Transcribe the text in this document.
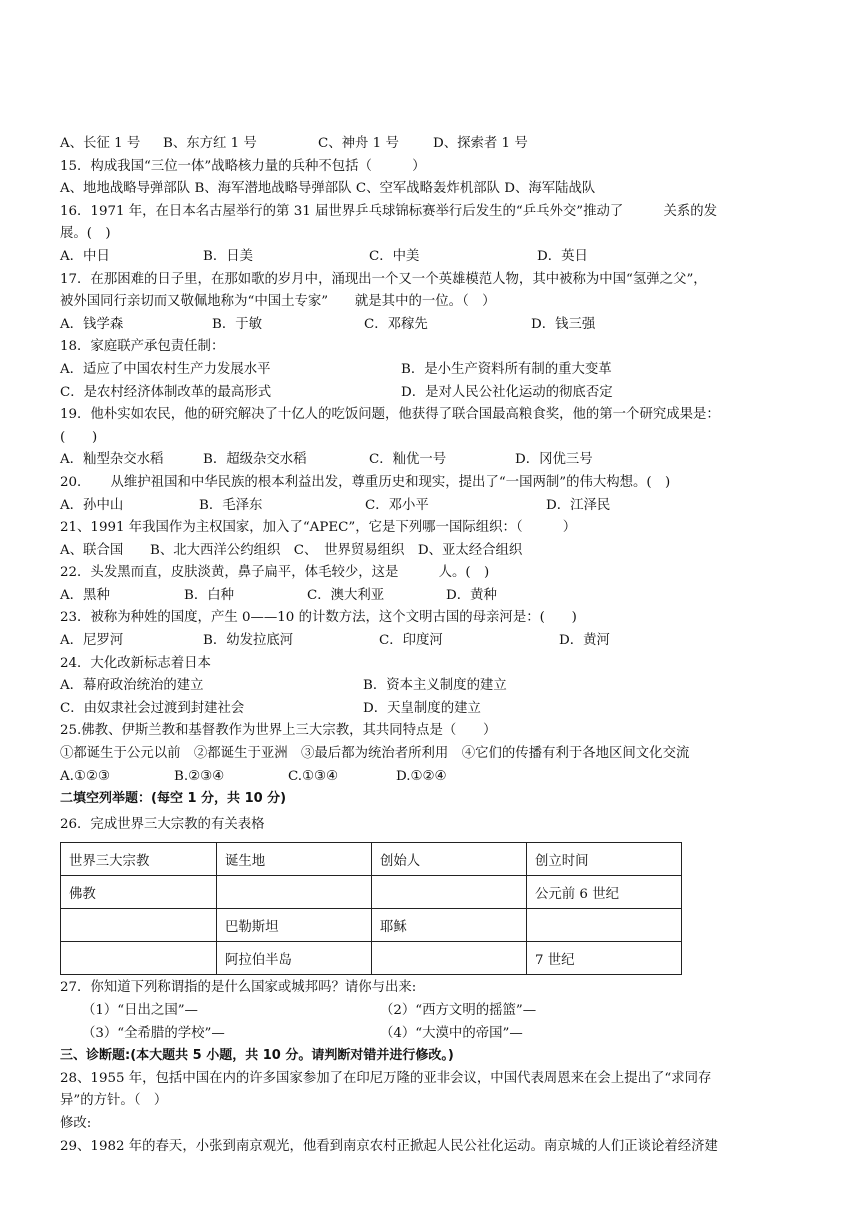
A、长征 1 号	B、东方红 1 号	C、神舟 1 号	D、探索者 1 号
15．构成我国“三位一体”战略核力量的兵种不包括（　　　）
A、地地战略导弹部队 B、海军潜地战略导弹部队 C、空军战略轰炸机部队 D、海军陆战队
16．1971 年，在日本名古屋举行的第 31 届世界乒乓球锦标赛举行后发生的“乒乓外交”推动了　　　关系的发
展。(　)
A．中日	B．日美	C．中美	D．英日
17．在那困难的日子里，在那如歌的岁月中，涌现出一个又一个英雄模范人物，其中被称为中国“氢弹之父”，
被外国同行亲切而又敬佩地称为“中国土专家”　　就是其中的一位。（　）
A．钱学森	B．于敏	C．邓稼先	D．钱三强
18．家庭联产承包责任制：
A．适应了中国农村生产力发展水平	B．是小生产资料所有制的重大变革
C．是农村经济体制改革的最高形式	D．是对人民公社化运动的彻底否定
19．他朴实如农民，他的研究解决了十亿人的吃饭问题，他获得了联合国最高粮食奖，他的第一个研究成果是：
(　　)
A．籼型杂交水稻	B．超级杂交水稻	C．籼优一号	D．冈优三号
20．　　从维护祖国和中华民族的根本利益出发，尊重历史和现实，提出了“一国两制”的伟大构想。(　)
A．孙中山	B．毛泽东	C．邓小平	D．江泽民
21、1991 年我国作为主权国家，加入了“APEC”，它是下列哪一国际组织：（　　　）
A、联合国　　B、北大西洋公约组织　C、　世界贸易组织　D、亚太经合组织
22．头发黑而直，皮肤淡黄，鼻子扁平，体毛较少，这是　　　人。(　)
A．黑种	B．白种	C．澳大利亚	D．黄种
23．被称为种姓的国度，产生 0——10 的计数方法，这个文明古国的母亲河是：(　　)
A．尼罗河	B．幼发拉底河	C．印度河	D．黄河
24．大化改新标志着日本
A．幕府政治统治的建立	B．资本主义制度的建立
C．由奴隶社会过渡到封建社会	D．天皇制度的建立
25.佛教、伊斯兰教和基督教作为世界上三大宗教，其共同特点是（　　）
①都诞生于公元以前　②都诞生于亚洲　③最后都为统治者所利用　④它们的传播有利于各地区间文化交流
A.①②③	B.②③④	C.①③④	D.①②④
二填空列举题：(每空 1 分，共 10 分)
26．完成世界三大宗教的有关表格
世界三大宗教	诞生地	创始人	创立时间
佛教			公元前 6 世纪
	巴勒斯坦	耶稣	
	阿拉伯半岛		7 世纪
27．你知道下列称谓指的是什么国家或城邦吗？请你与出来:
（1）“日出之国”—	（2）“西方文明的摇篮”—
（3）“全希腊的学校”—	（4）“大漠中的帝国”—
三、诊断题:(本大题共 5 小题，共 10 分。请判断对错并进行修改。)
28、1955 年，包括中国在内的许多国家参加了在印尼万隆的亚非会议，中国代表周恩来在会上提出了“求同存
异”的方针。（　）
修改:
29、1982 年的春天，小张到南京观光，他看到南京农村正掀起人民公社化运动。南京城的人们正谈论着经济建
